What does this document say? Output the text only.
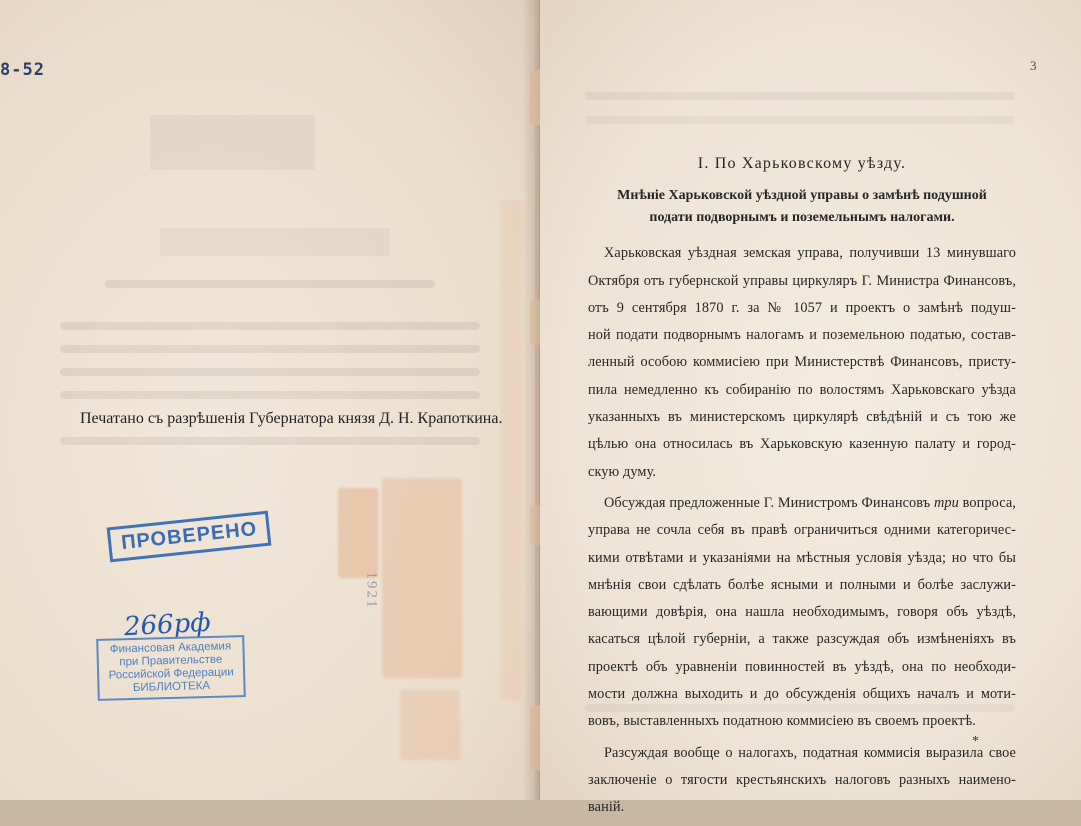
8-52
Печатано съ разрѣшенія Губернатора князя Д. Н. Крапоткина.
ПРОВЕРЕНО
266рф
Финансовая Академия
при Правительстве
Российской Федерации
БИБЛИОТЕКА
1921
3
I. По Харьковскому уѣзду.
Мнѣніе Харьковской уѣздной управы о замѣнѣ подушной
подати подворнымъ и поземельнымъ налогами.
Харьковская уѣздная земская управа, получивши 13 минувшаго
Октября отъ губернской управы циркуляръ Г. Министра Финансовъ,
отъ 9 сентября 1870 г. за № 1057 и проектъ о замѣнѣ подуш-
ной подати подворнымъ налогамъ и поземельною податью, состав-
ленный особою коммисіею при Министерствѣ Финансовъ, присту-
пила немедленно къ собиранію по волостямъ Харьковскаго уѣзда
указанныхъ въ министерскомъ циркулярѣ свѣдѣній и съ тою же
цѣлью она относилась въ Харьковскую казенную палату и город-
скую думу.
Обсуждая предложенные Г. Министромъ Финансовъ три вопроса,
управа не сочла себя въ правѣ ограничиться одними категоричес-
кими отвѣтами и указаніями на мѣстныя условія уѣзда; но что бы
мнѣнія свои сдѣлать болѣе ясными и полными и болѣе заслужи-
вающими довѣрія, она нашла необходимымъ, говоря объ уѣздѣ,
касаться цѣлой губерніи, а также разсуждая объ измѣненіяхъ въ
проектѣ объ уравненіи повинностей въ уѣздѣ, она по необходи-
мости должна выходить и до обсужденія общихъ началъ и моти-
вовъ, выставленныхъ податною коммисіею въ своемъ проектѣ.
Разсуждая вообще о налогахъ, податная коммисія выразила свое
заключеніе о тягости крестьянскихъ налоговъ разныхъ наимено-
ваній.
*
